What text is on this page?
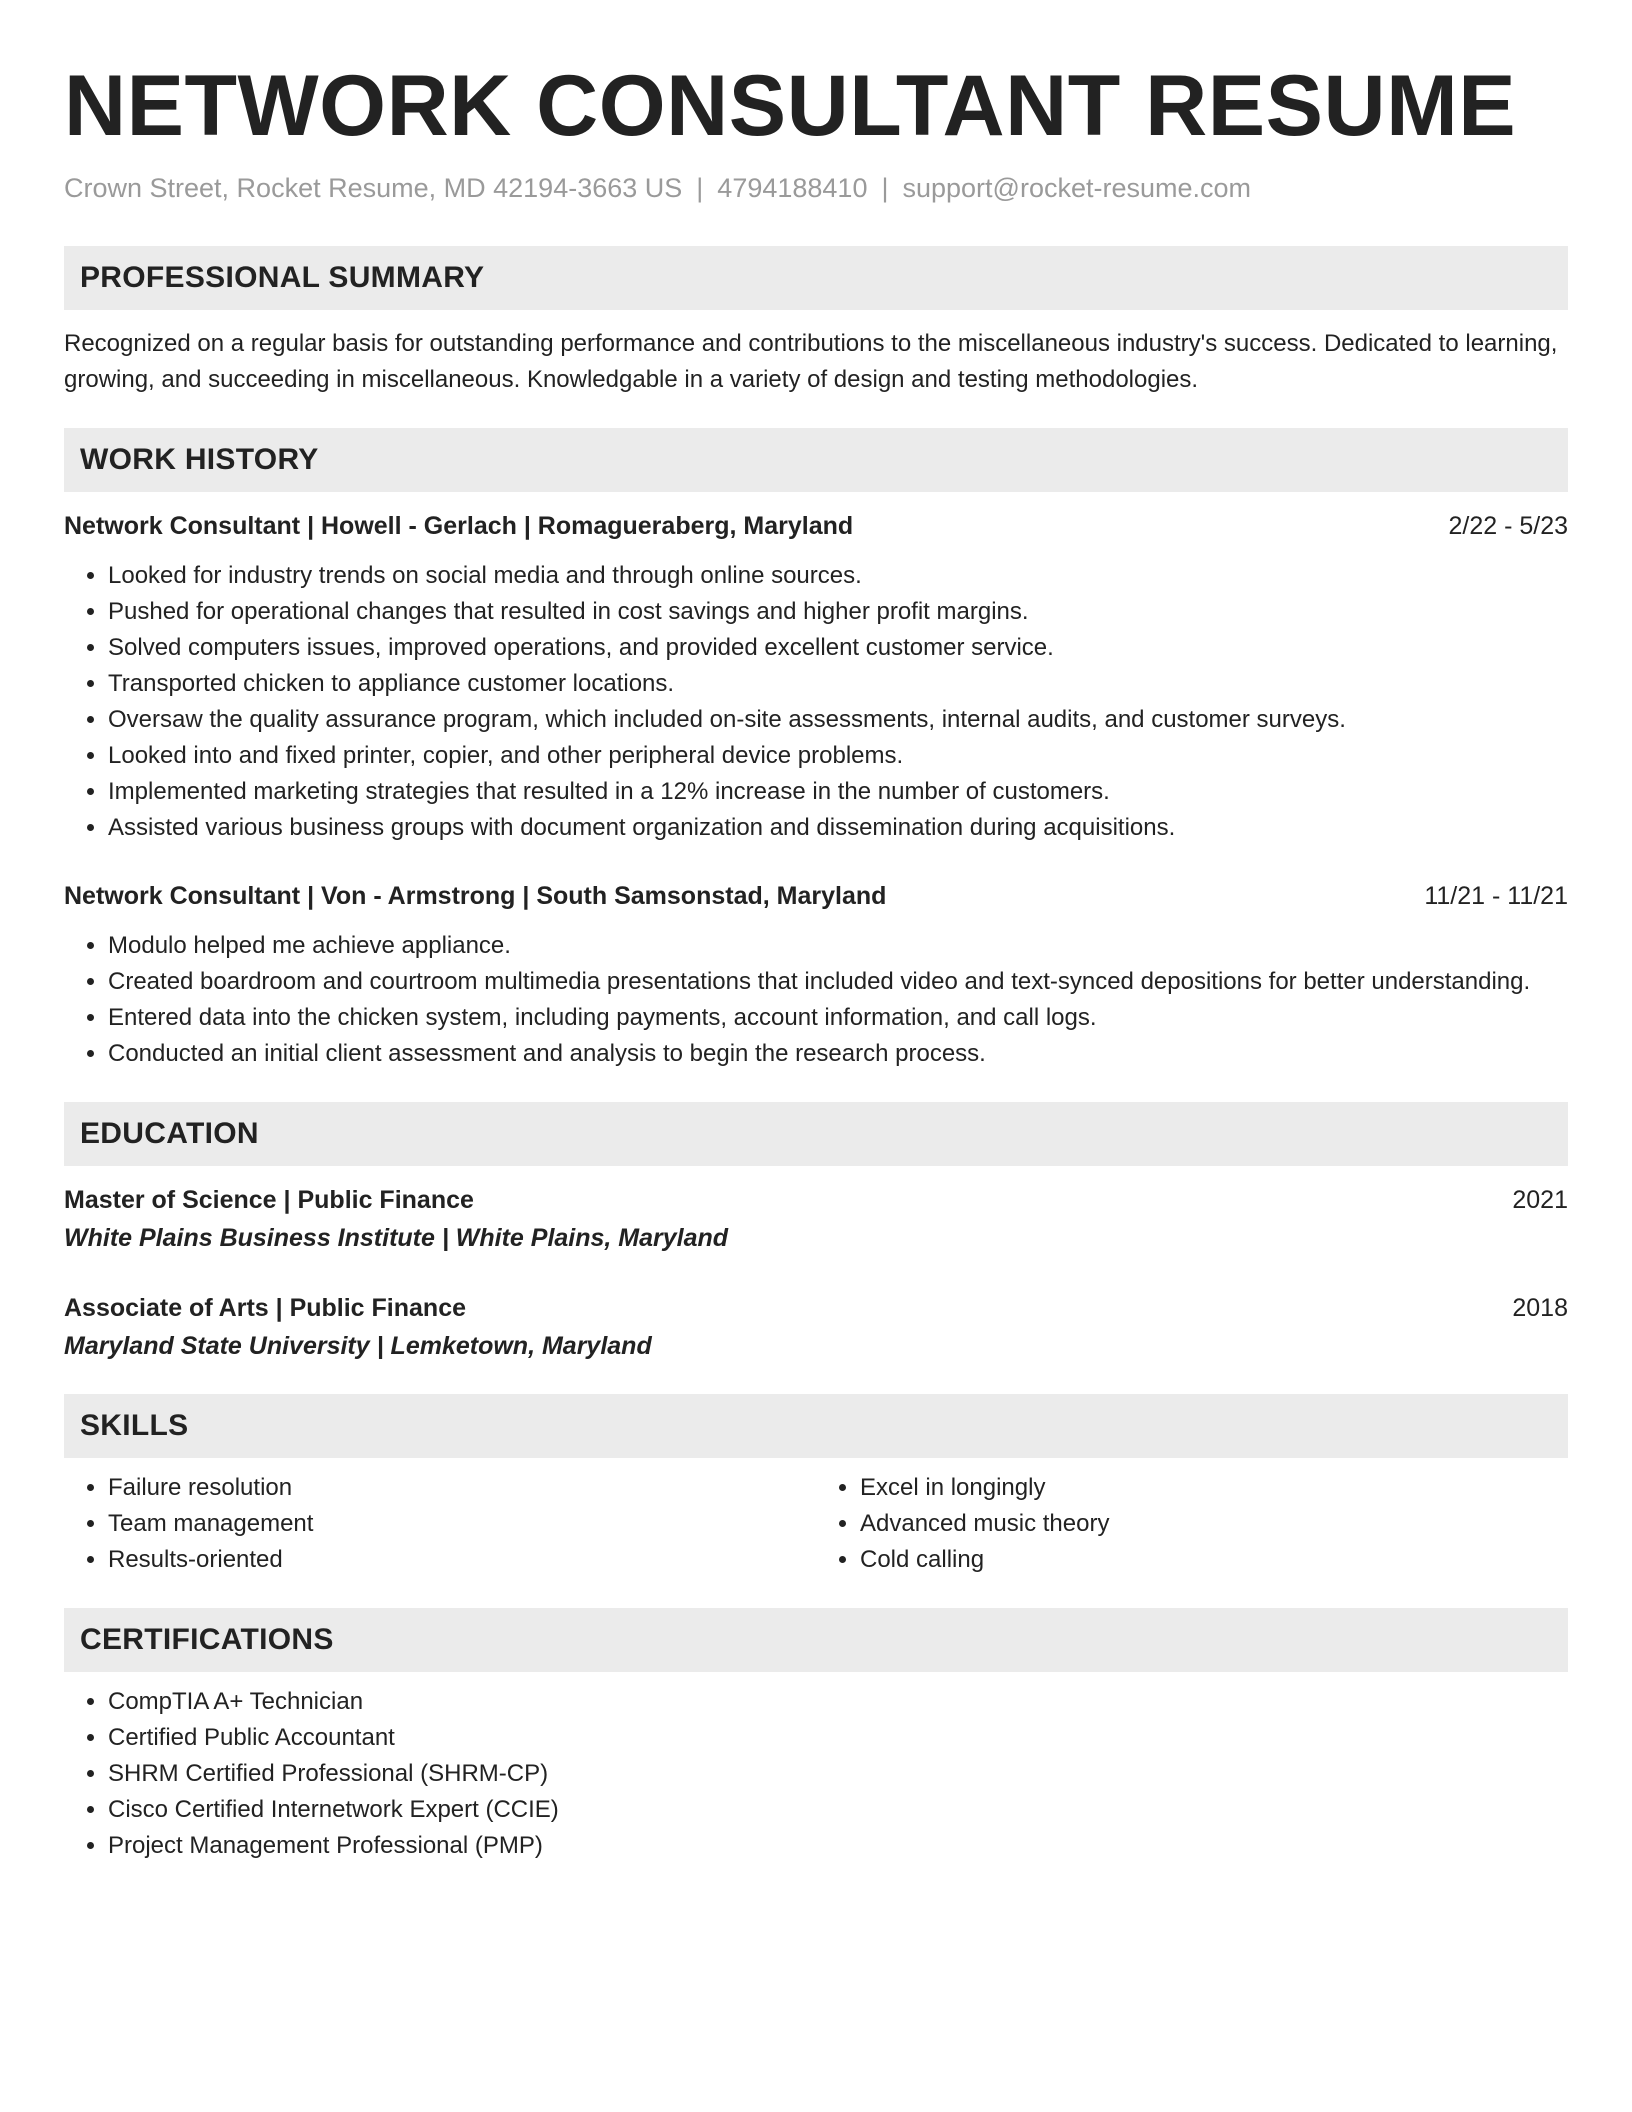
NETWORK CONSULTANT RESUME
Crown Street, Rocket Resume, MD 42194-3663 US | 4794188410 | support@rocket-resume.com
PROFESSIONAL SUMMARY
Recognized on a regular basis for outstanding performance and contributions to the miscellaneous industry's success. Dedicated to learning, growing, and succeeding in miscellaneous. Knowledgable in a variety of design and testing methodologies.
WORK HISTORY
Network Consultant | Howell - Gerlach | Romagueraberg, Maryland	2/22 - 5/23
• Looked for industry trends on social media and through online sources.
• Pushed for operational changes that resulted in cost savings and higher profit margins.
• Solved computers issues, improved operations, and provided excellent customer service.
• Transported chicken to appliance customer locations.
• Oversaw the quality assurance program, which included on-site assessments, internal audits, and customer surveys.
• Looked into and fixed printer, copier, and other peripheral device problems.
• Implemented marketing strategies that resulted in a 12% increase in the number of customers.
• Assisted various business groups with document organization and dissemination during acquisitions.
Network Consultant | Von - Armstrong | South Samsonstad, Maryland	11/21 - 11/21
• Modulo helped me achieve appliance.
• Created boardroom and courtroom multimedia presentations that included video and text-synced depositions for better understanding.
• Entered data into the chicken system, including payments, account information, and call logs.
• Conducted an initial client assessment and analysis to begin the research process.
EDUCATION
Master of Science | Public Finance	2021
White Plains Business Institute | White Plains, Maryland
Associate of Arts | Public Finance	2018
Maryland State University | Lemketown, Maryland
SKILLS
• Failure resolution
• Team management
• Results-oriented
• Excel in longingly
• Advanced music theory
• Cold calling
CERTIFICATIONS
• CompTIA A+ Technician
• Certified Public Accountant
• SHRM Certified Professional (SHRM-CP)
• Cisco Certified Internetwork Expert (CCIE)
• Project Management Professional (PMP)
